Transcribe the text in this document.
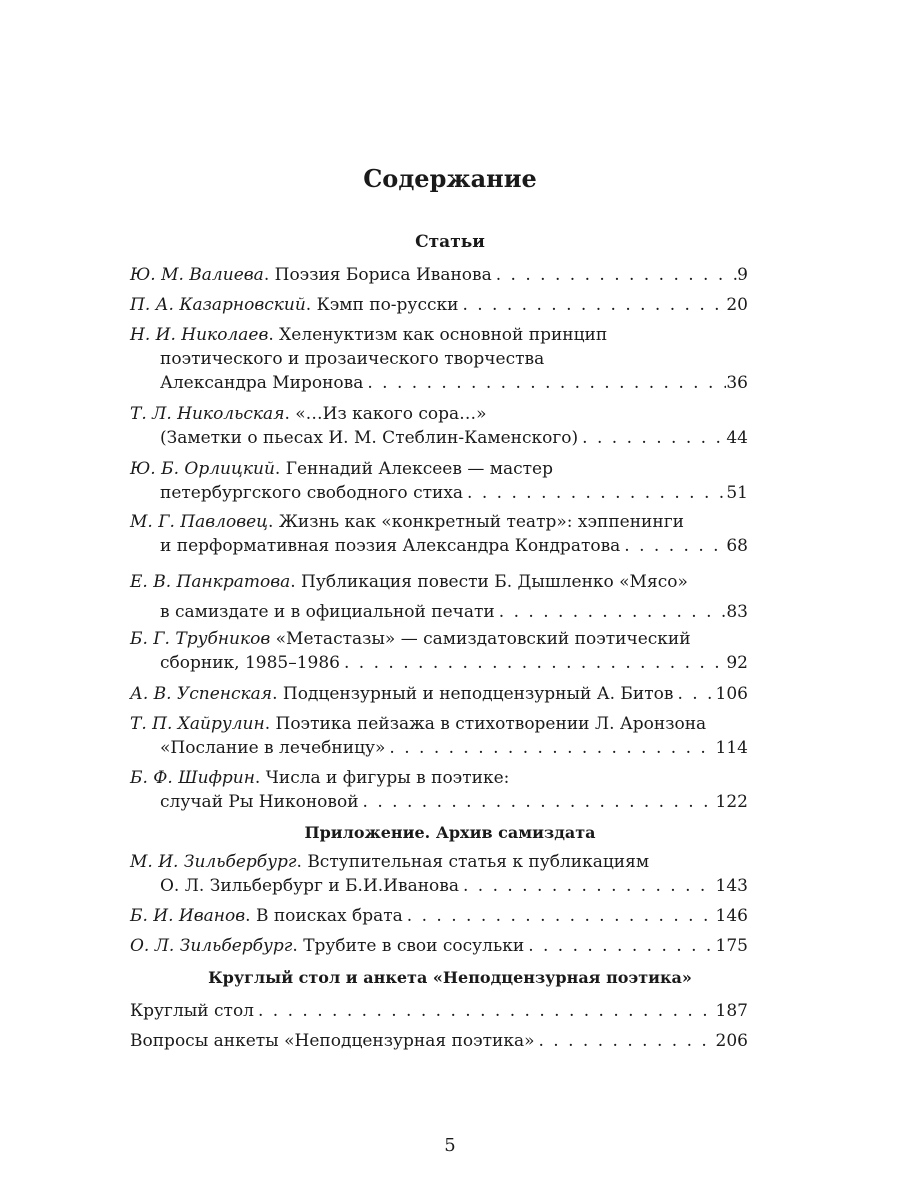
Содержание
Статьи
Приложение. Архив самиздата
Круглый стол и анкета «Неподцензурная поэтика»
Ю. М. Валиева. Поэзия Бориса Иванова . . .	9
П. А. Казарновский. Кэмп по-русски . . .	20
Н. И. Николаев. Хеленуктизм как основной принцип
поэтического и прозаического творчества
Александра Миронова . . .	36
Т. Л. Никольская. «…Из какого сора…»
(Заметки о пьесах И. М. Стеблин-Каменского) . . .	44
Ю. Б. Орлицкий. Геннадий Алексеев — мастер
петербургского свободного стиха . . .	51
М. Г. Павловец. Жизнь как «конкретный театр»: хэппенинги
и перформативная поэзия Александра Кондратова . . .	68
Е. В. Панкратова. Публикация повести Б. Дышленко «Мясо»
в самиздате и в официальной печати . . .	83
Б. Г. Трубников «Метастазы» — самиздатовский поэтический
сборник, 1985–1986 . . .	92
А. В. Успенская. Подцензурный и неподцензурный А. Битов . . . 106
Т. П. Хайрулин. Поэтика пейзажа в стихотворении Л. Аронзона
«Послание в лечебницу» . . .	114
Б. Ф. Шифрин. Числа и фигуры в поэтике:
случай Ры Никоновой . . .	122
М. И. Зильбербург. Вступительная статья к публикациям
О. Л. Зильбербург и Б.И.Иванова . . .	143
Б. И. Иванов. В поисках брата . . .	146
О. Л. Зильбербург. Трубите в свои сосульки . . .	175
Круглый стол . . .	187
Вопросы анкеты «Неподцензурная поэтика» . . .	206
5
